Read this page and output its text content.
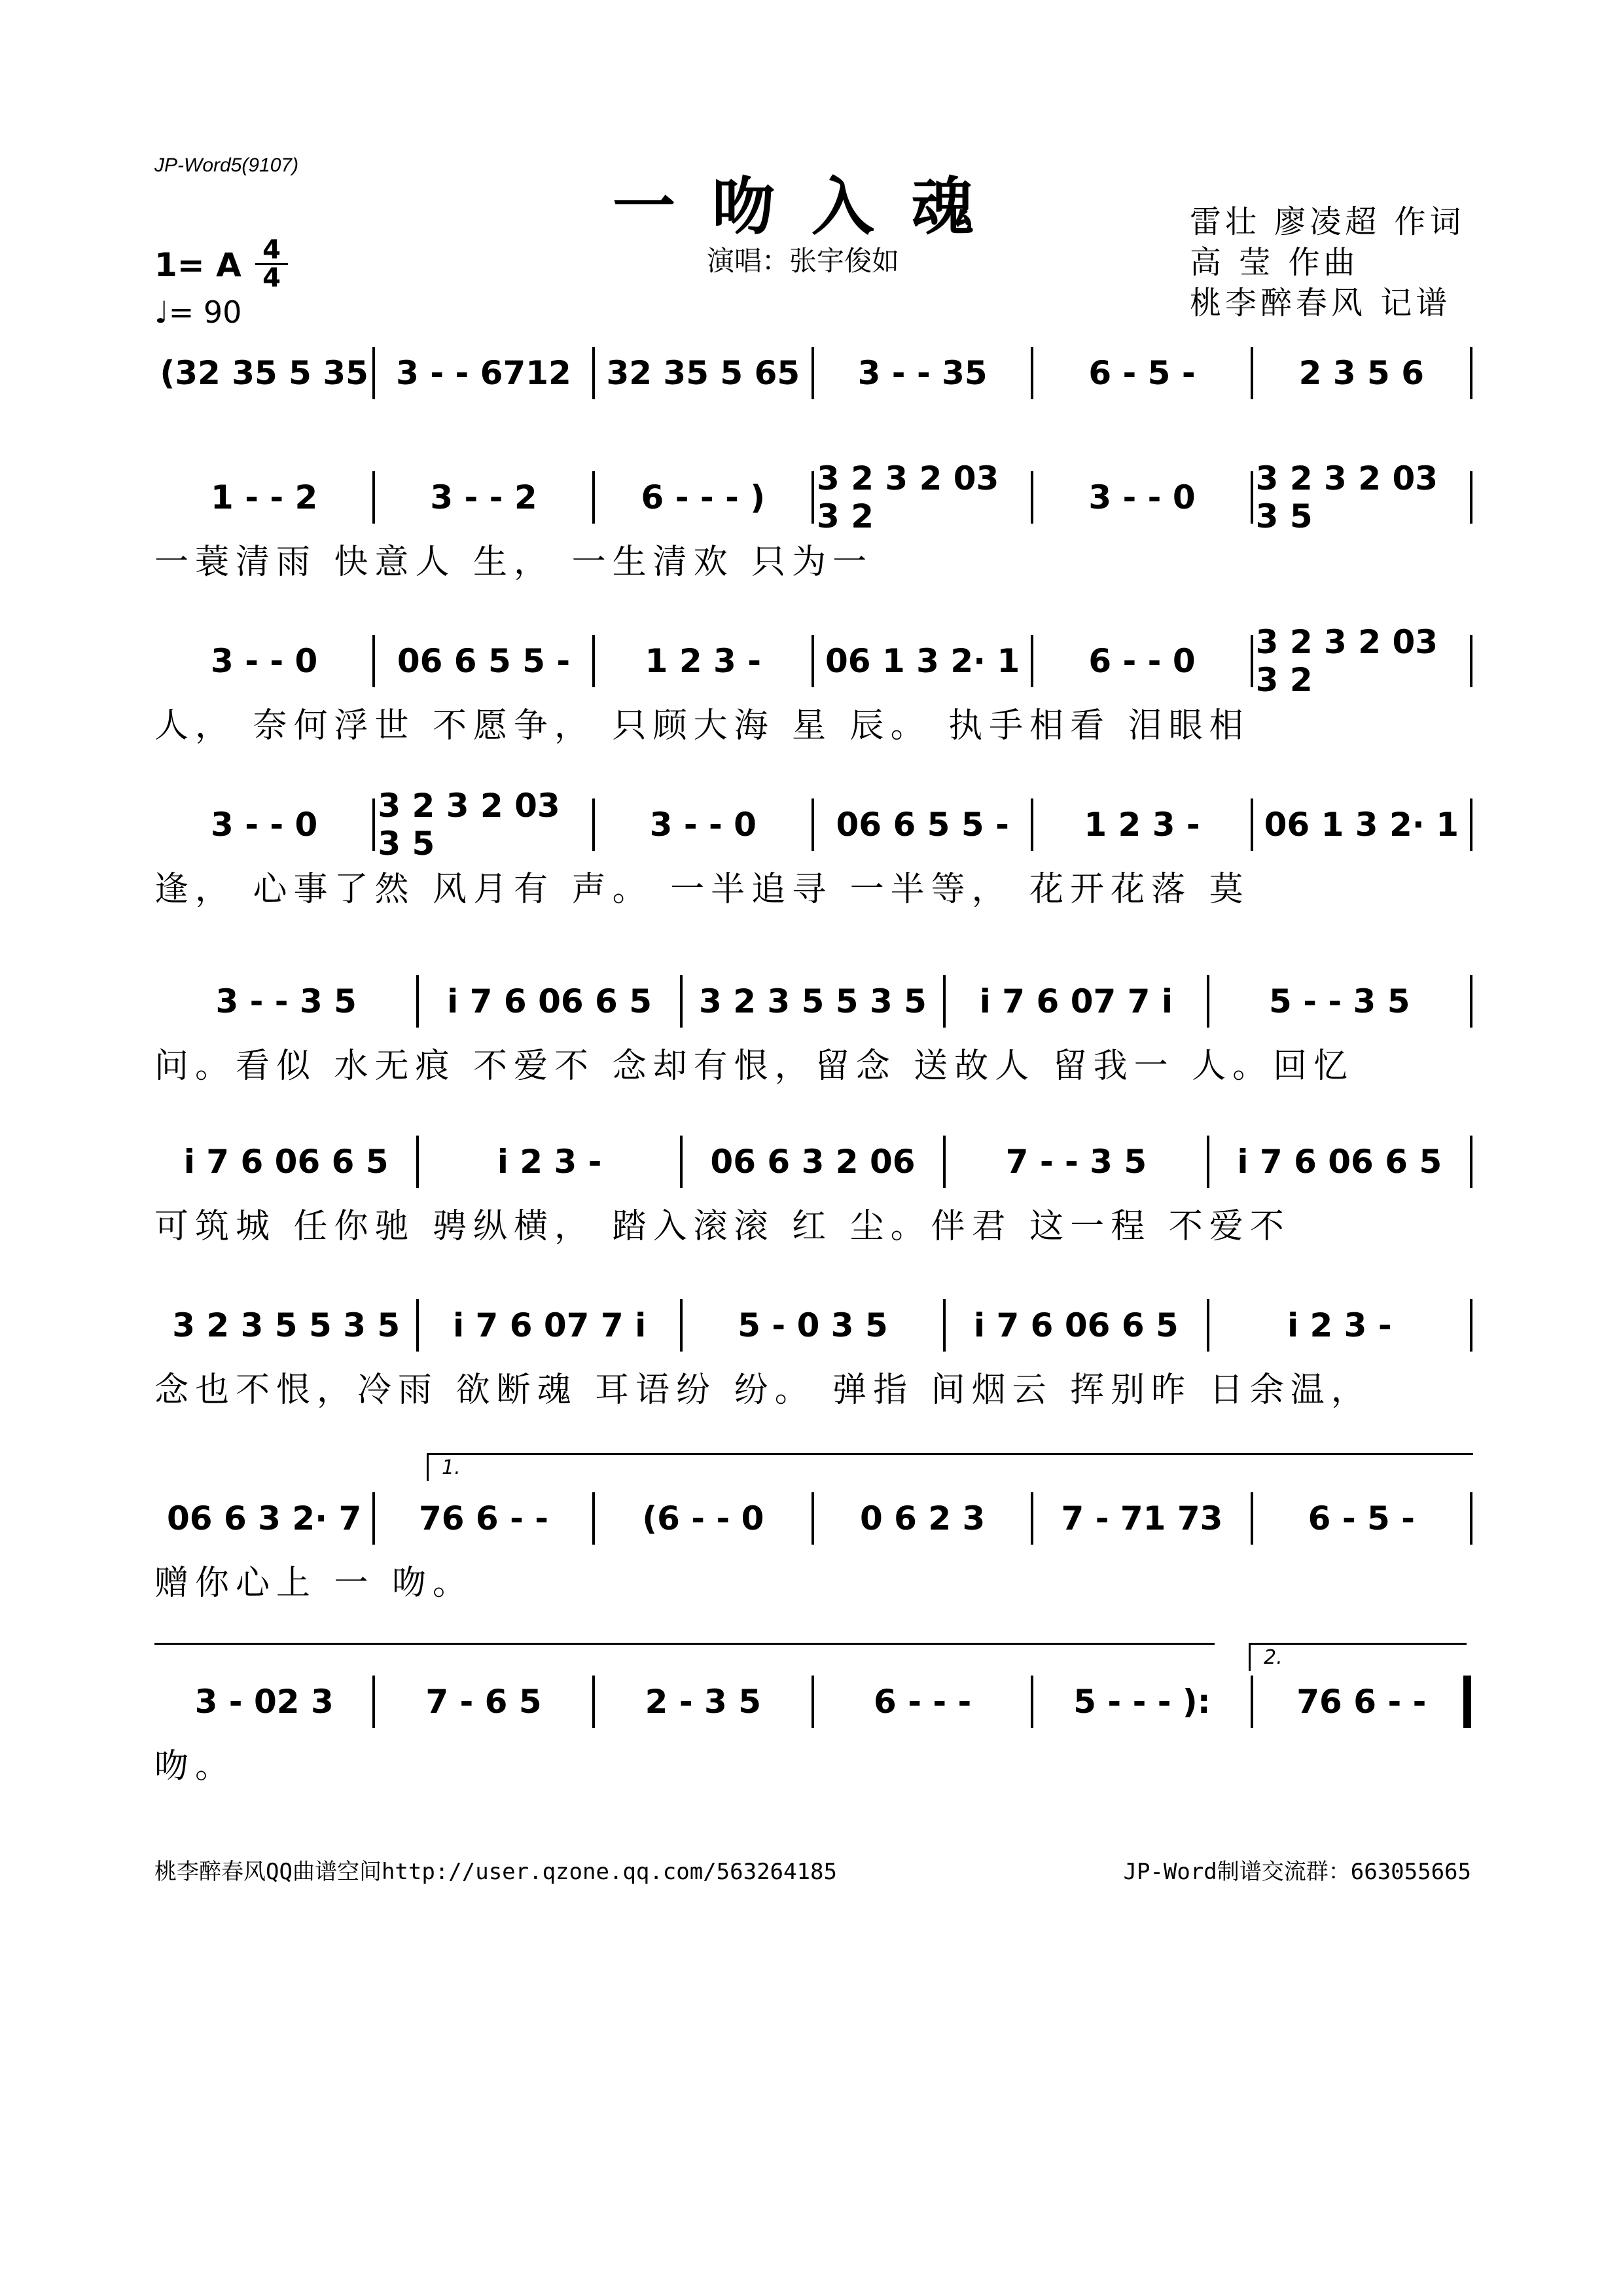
JP-Word5(9107)
一吻入魂
演唱：张宇俊如
雷壮 廖凌超 作词
高 莹 作曲
桃李醉春风 记谱
1= A 4
4
♩= 90
(32 35 5 35 3 - - 6712	32 35 5 65	3 - - 35	6 - 5 -	2 3 5 6
1 - - 2	3 - - 2	6 - - - )	3 2 3 2 03 3 2	3 - - 0	3 2 3 2 03 3 5
一蓑清雨 快意人 生， 一生清欢 只为一
3 - - 0	06 6 5 5 -	1 2 3 -	06 1 3 2· 1	6 - - 0	3 2 3 2 03 3 2
人， 奈何浮世 不愿争， 只顾大海 星 辰。 执手相看 泪眼相
3 - - 0	3 2 3 2 03 3 5	3 - - 0	06 6 5 5 -	1 2 3 -	06 1 3 2· 1
逢， 心事了然 风月有 声。 一半追寻 一半等， 花开花落 莫
3 - - 3 5	i 7 6 06 6 5	3 2 3 5 5 3 5	i 7 6 07 7 i	5 - - 3 5
问。看似 水无痕 不爱不 念却有恨，留念 送故人 留我一 人。回忆
i 7 6 06 6 5	i 2 3 -	06 6 3 2 06	7 - - 3 5	i 7 6 06 6 5
可筑城 任你驰 骋纵横， 踏入滚滚 红 尘。伴君 这一程 不爱不
3 2 3 5 5 3 5	i 7 6 07 7 i	5 - 0 3 5	i 7 6 06 6 5	i 2 3 -
念也不恨，冷雨 欲断魂 耳语纷 纷。 弹指 间烟云 挥别昨 日余温，
06 6 3 2· 7	76 6 - -	(6 - - 0	0 6 2 3	7 - 71 73	6 - 5 -
赠你心上 一 吻。
3 - 02 3	7 - 6 5	2 - 3 5	6 - - -	5 - - - ):	76 6 - -
吻。
1.
2.
桃李醉春风QQ曲谱空间http://user.qzone.qq.com/563264185	JP-Word制谱交流群：663055665
